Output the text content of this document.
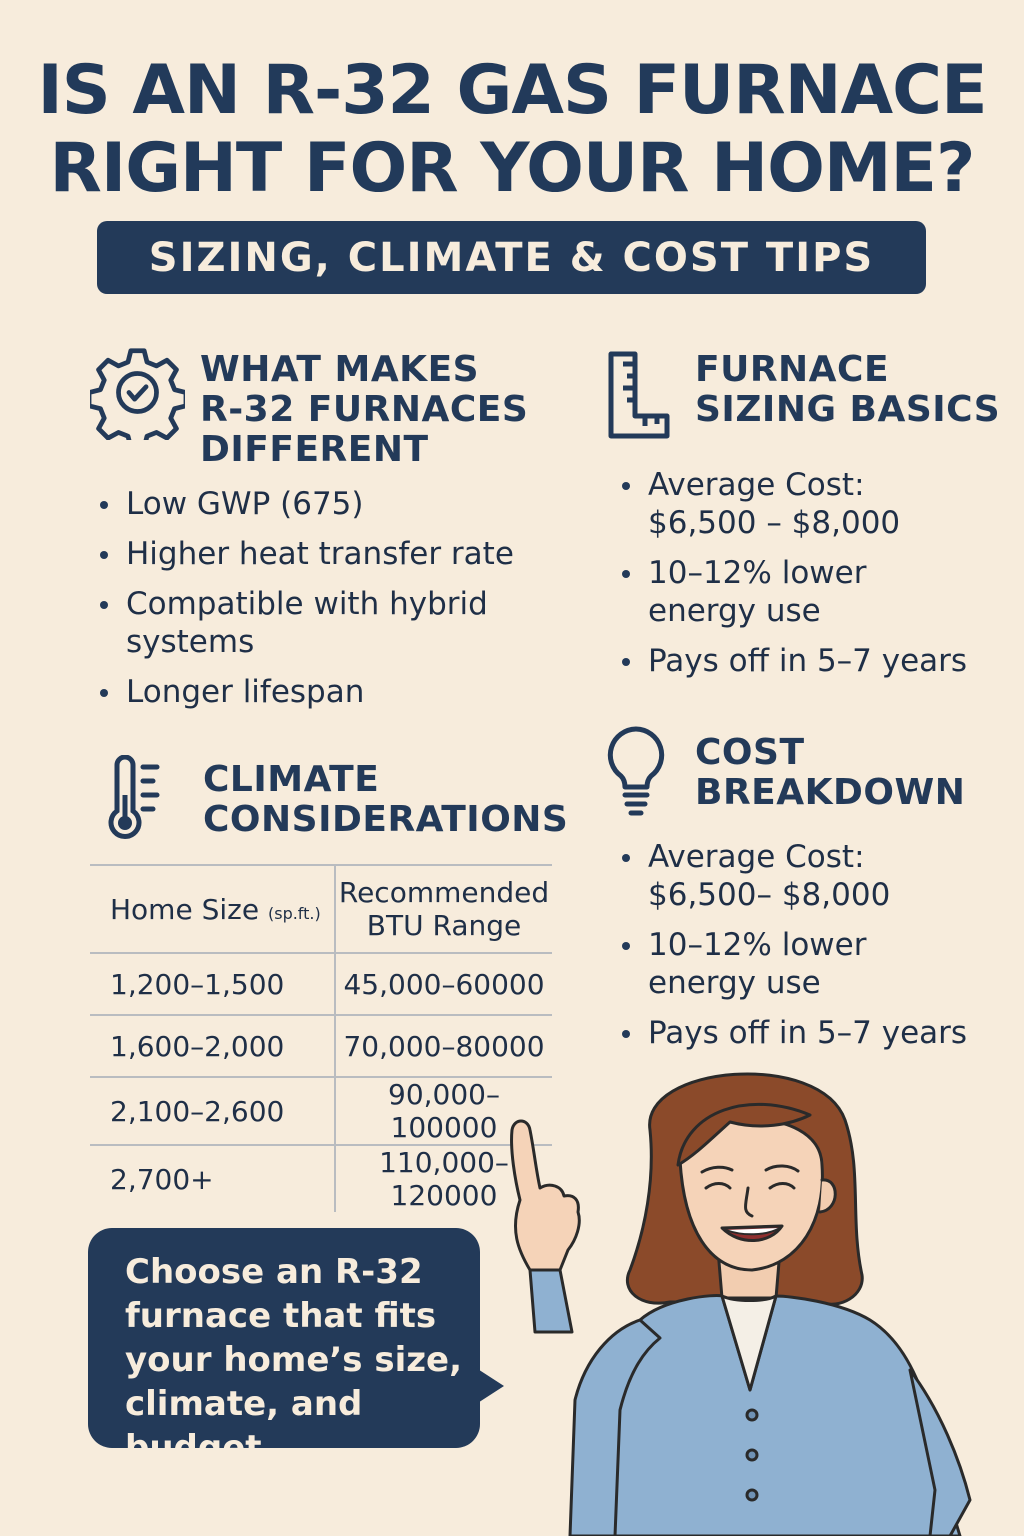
IS AN R-32 GAS FURNACE
RIGHT FOR YOUR HOME?
SIZING, CLIMATE & COST TIPS
WHAT MAKES
R-32 FURNACES
DIFFERENT
Low GWP (675)
Higher heat transfer rate
Compatible with hybrid
systems
Longer lifespan
FURNACE
SIZING BASICS
Average Cost:
$6,500 – $8,000
10–12% lower
energy use
Pays off in 5–7 years
CLIMATE
CONSIDERATIONS
Home Size (sp.ft.)	Recommended
BTU Range

1,200–1,500	45,000–60000
1,600–2,000	70,000–80000
2,100–2,600	90,000–100000
2,700+	110,000–120000
COST
BREAKDOWN
Average Cost:
$6,500– $8,000
10–12% lower
energy use
Pays off in 5–7 years
Choose an R-32
furnace that fits
your home’s size,
climate, and budget.
